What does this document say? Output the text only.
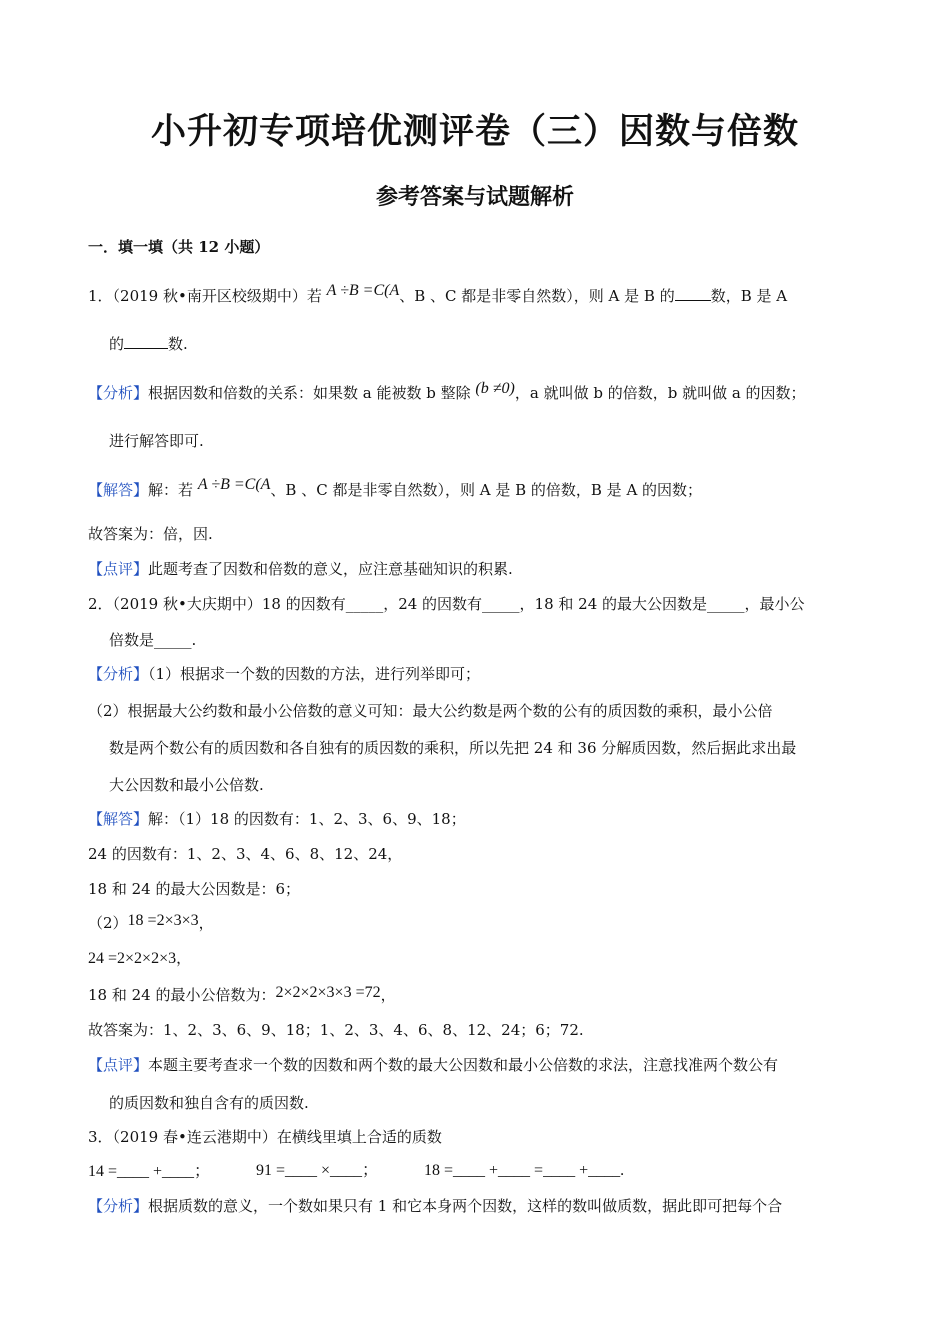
小升初专项培优测评卷（三）因数与倍数
参考答案与试题解析
一．填一填（共 12 小题）
1．（2019 秋•南开区校级期中）若 A ÷B =C(A、B 、C 都是非零自然数），则 A 是 B 的 数，B 是 A
的	数.
【分析】根据因数和倍数的关系：如果数 a 能被数 b 整除 (b ≠0)，a 就叫做 b 的倍数，b 就叫做 a 的因数；
进行解答即可.
【解答】解：若 A ÷B =C(A、B 、C 都是非零自然数），则 A 是 B 的倍数，B 是 A 的因数；
故答案为：倍，因.
【点评】此题考查了因数和倍数的意义，应注意基础知识的积累.
2．（2019 秋•大庆期中）18 的因数有_____，24 的因数有_____，18 和 24 的最大公因数是_____，最小公
倍数是_____.
【分析】（1）根据求一个数的因数的方法，进行列举即可；
（2）根据最大公约数和最小公倍数的意义可知：最大公约数是两个数的公有的质因数的乘积，最小公倍
数是两个数公有的质因数和各自独有的质因数的乘积，所以先把 24 和 36 分解质因数，然后据此求出最
大公因数和最小公倍数.
【解答】解：（1）18 的因数有：1、2、3、6、9、18；
24 的因数有：1、2、3、4、6、8、12、24，
18 和 24 的最大公因数是：6；
（2）18 =2×3×3，
24 =2×2×2×3，
18 和 24 的最小公倍数为：2×2×2×3×3 =72，
故答案为：1、2、3、6、9、18；1、2、3、4、6、8、12、24；6；72.
【点评】本题主要考查求一个数的因数和两个数的最大公因数和最小公倍数的求法，注意找准两个数公有
的质因数和独自含有的质因数.
3．（2019 春•连云港期中）在横线里填上合适的质数
14 =____ +____；	91 =____ ×____；	18 =____ +____ =____ +____.
【分析】根据质数的意义，一个数如果只有 1 和它本身两个因数，这样的数叫做质数，据此即可把每个合
